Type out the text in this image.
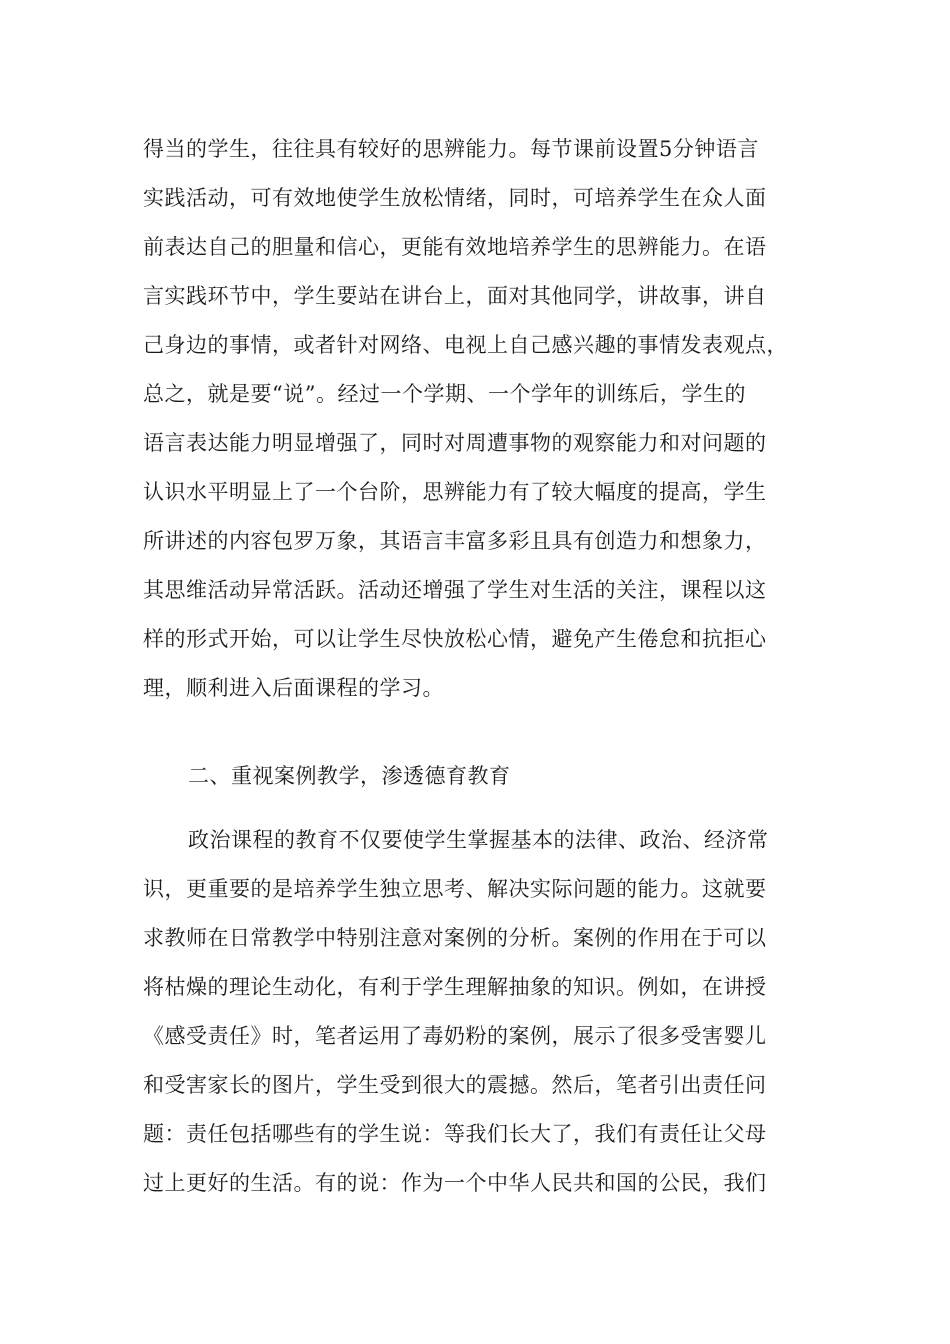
得当的学生，往往具有较好的思辨能力。每节课前设置5分钟语言
实践活动，可有效地使学生放松情绪，同时，可培养学生在众人面
前表达自己的胆量和信心，更能有效地培养学生的思辨能力。在语
言实践环节中，学生要站在讲台上，面对其他同学，讲故事，讲自
己身边的事情，或者针对网络、电视上自己感兴趣的事情发表观点，
总之，就是要“说”。经过一个学期、一个学年的训练后，学生的
语言表达能力明显增强了，同时对周遭事物的观察能力和对问题的
认识水平明显上了一个台阶，思辨能力有了较大幅度的提高，学生
所讲述的内容包罗万象，其语言丰富多彩且具有创造力和想象力，
其思维活动异常活跃。活动还增强了学生对生活的关注，课程以这
样的形式开始，可以让学生尽快放松心情，避免产生倦怠和抗拒心
理，顺利进入后面课程的学习。
二、重视案例教学，渗透德育教育
政治课程的教育不仅要使学生掌握基本的法律、政治、经济常
识，更重要的是培养学生独立思考、解决实际问题的能力。这就要
求教师在日常教学中特别注意对案例的分析。案例的作用在于可以
将枯燥的理论生动化，有利于学生理解抽象的知识。例如，在讲授
《感受责任》时，笔者运用了毒奶粉的案例，展示了很多受害婴儿
和受害家长的图片，学生受到很大的震撼。然后，笔者引出责任问
题：责任包括哪些有的学生说：等我们长大了，我们有责任让父母
过上更好的生活。有的说：作为一个中华人民共和国的公民，我们
